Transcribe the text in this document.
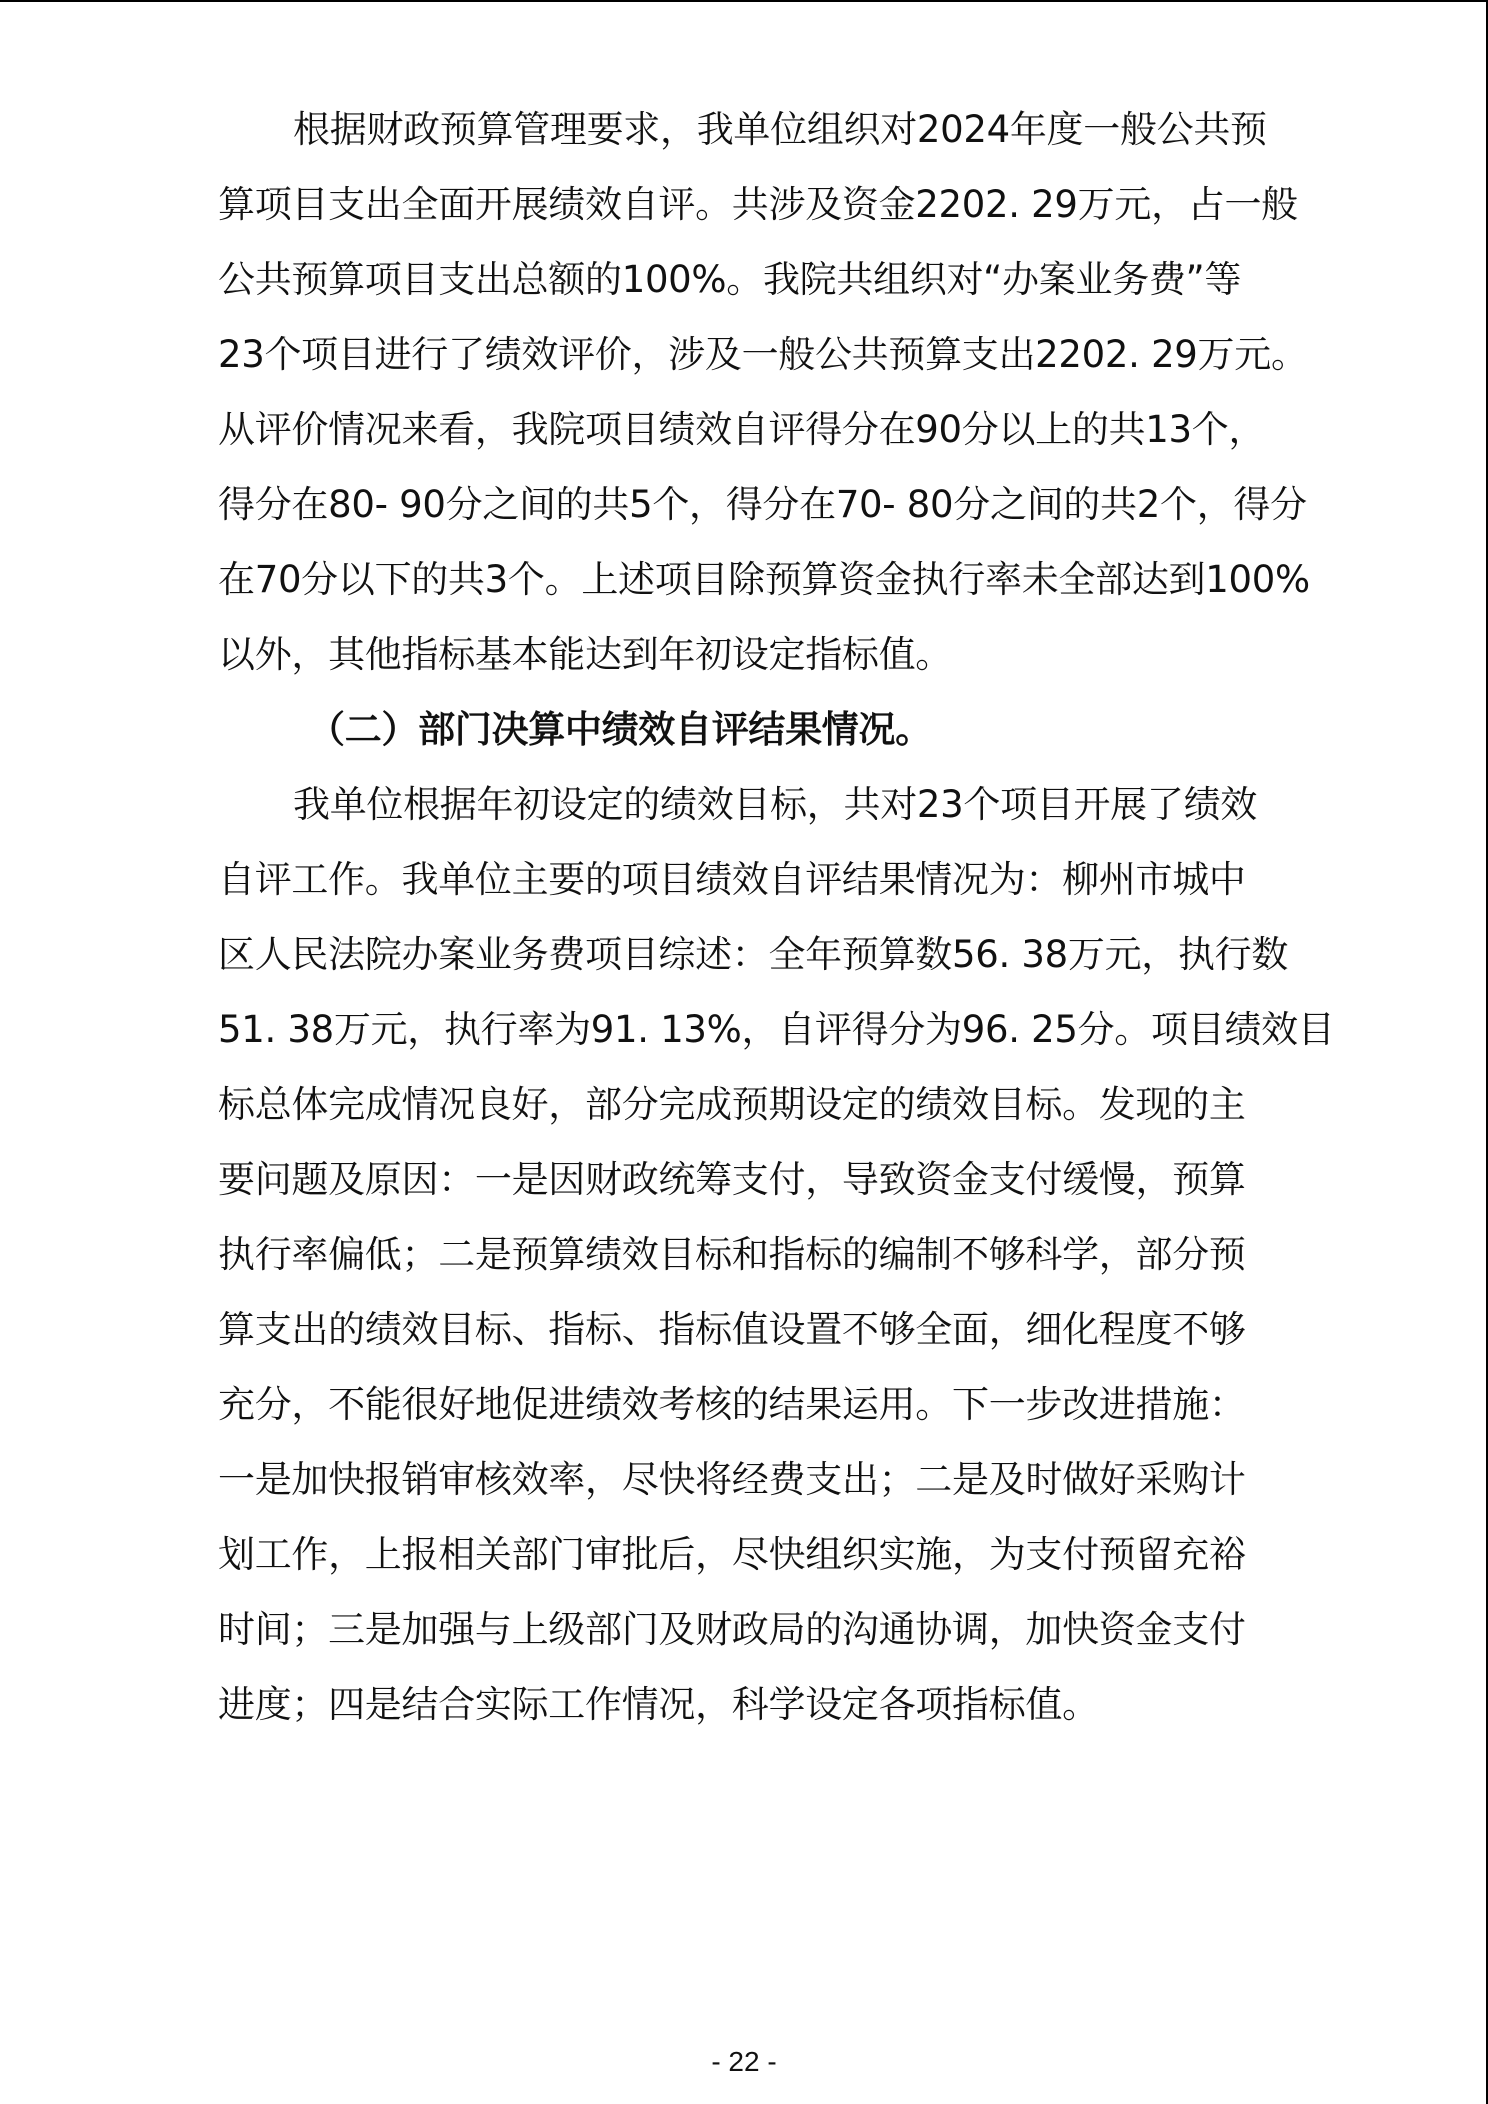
根据财政预算管理要求，我单位组织对2024年度一般公共预
算项目支出全面开展绩效自评。共涉及资金2202. 29万元，占一般
公共预算项目支出总额的100%。我院共组织对“办案业务费”等
23个项目进行了绩效评价，涉及一般公共预算支出2202. 29万元。
从评价情况来看，我院项目绩效自评得分在90分以上的共13个，
得分在80- 90分之间的共5个，得分在70- 80分之间的共2个，得分
在70分以下的共3个。上述项目除预算资金执行率未全部达到100%
以外，其他指标基本能达到年初设定指标值。
（二）部门决算中绩效自评结果情况。
我单位根据年初设定的绩效目标，共对23个项目开展了绩效
自评工作。我单位主要的项目绩效自评结果情况为：柳州市城中
区人民法院办案业务费项目综述：全年预算数56. 38万元，执行数
51. 38万元，执行率为91. 13%，自评得分为96. 25分。项目绩效目
标总体完成情况良好，部分完成预期设定的绩效目标。发现的主
要问题及原因：一是因财政统筹支付，导致资金支付缓慢，预算
执行率偏低；二是预算绩效目标和指标的编制不够科学，部分预
算支出的绩效目标、指标、指标值设置不够全面，细化程度不够
充分，不能很好地促进绩效考核的结果运用。下一步改进措施：
一是加快报销审核效率，尽快将经费支出；二是及时做好采购计
划工作，上报相关部门审批后，尽快组织实施，为支付预留充裕
时间；三是加强与上级部门及财政局的沟通协调，加快资金支付
进度；四是结合实际工作情况，科学设定各项指标值。
- 22 -
